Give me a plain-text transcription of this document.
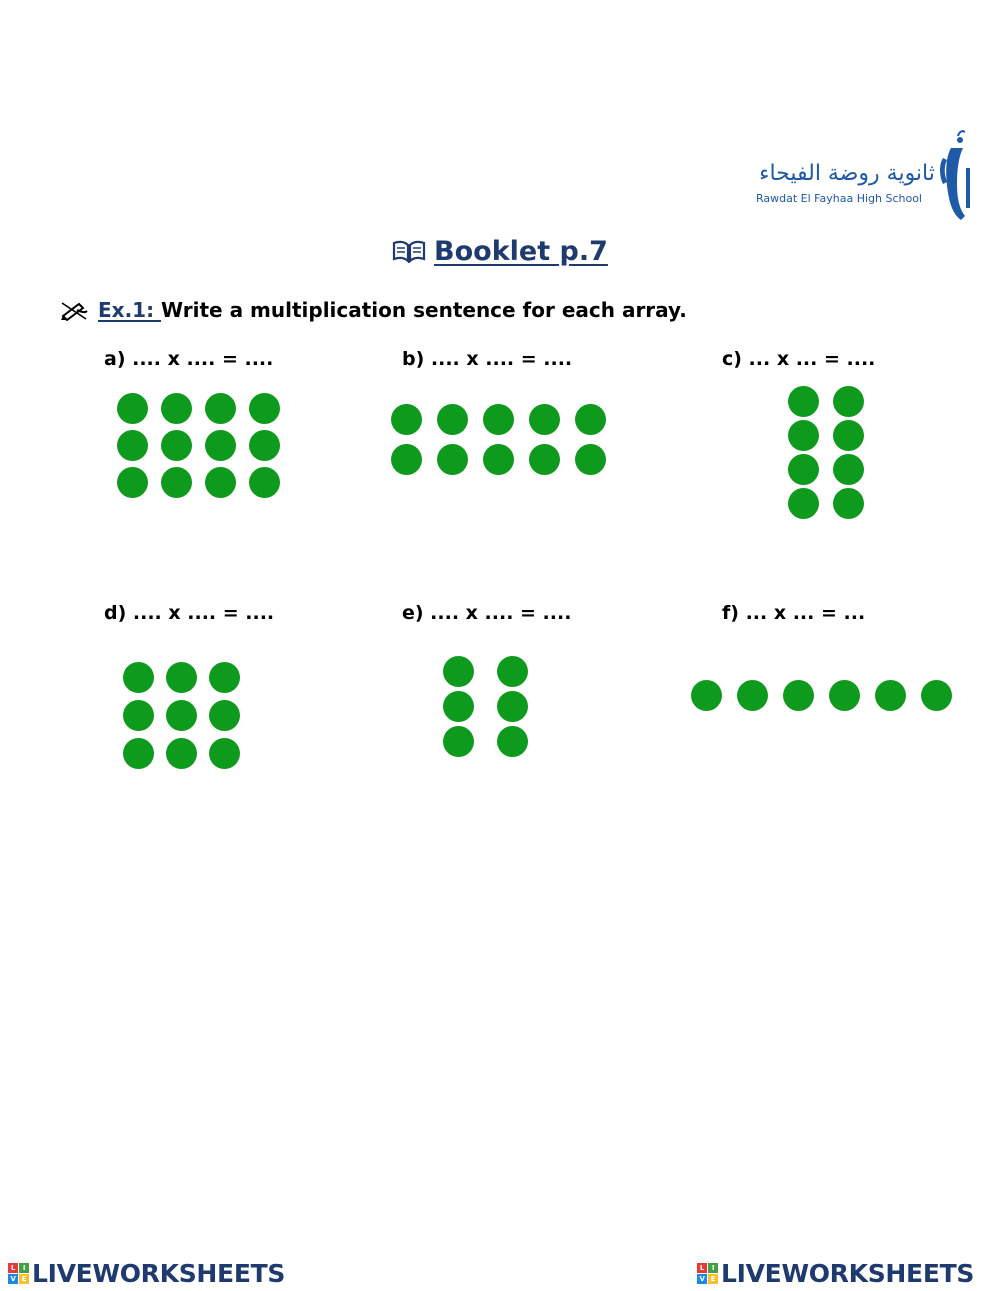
ثانوية روضة الفيحاء
Rawdat El Fayhaa High School
Booklet p.7
Ex.1: Write a multiplication sentence for each array.
a) .... x .... = ....	b) .... x .... = ....	c) ... x ... = ....
d) .... x .... = ....	e) .... x .... = ....	f) ... x ... = ...
L	I
V E LIVEWORKSHEETS	L	I
V E LIVEWORKSHEETS
